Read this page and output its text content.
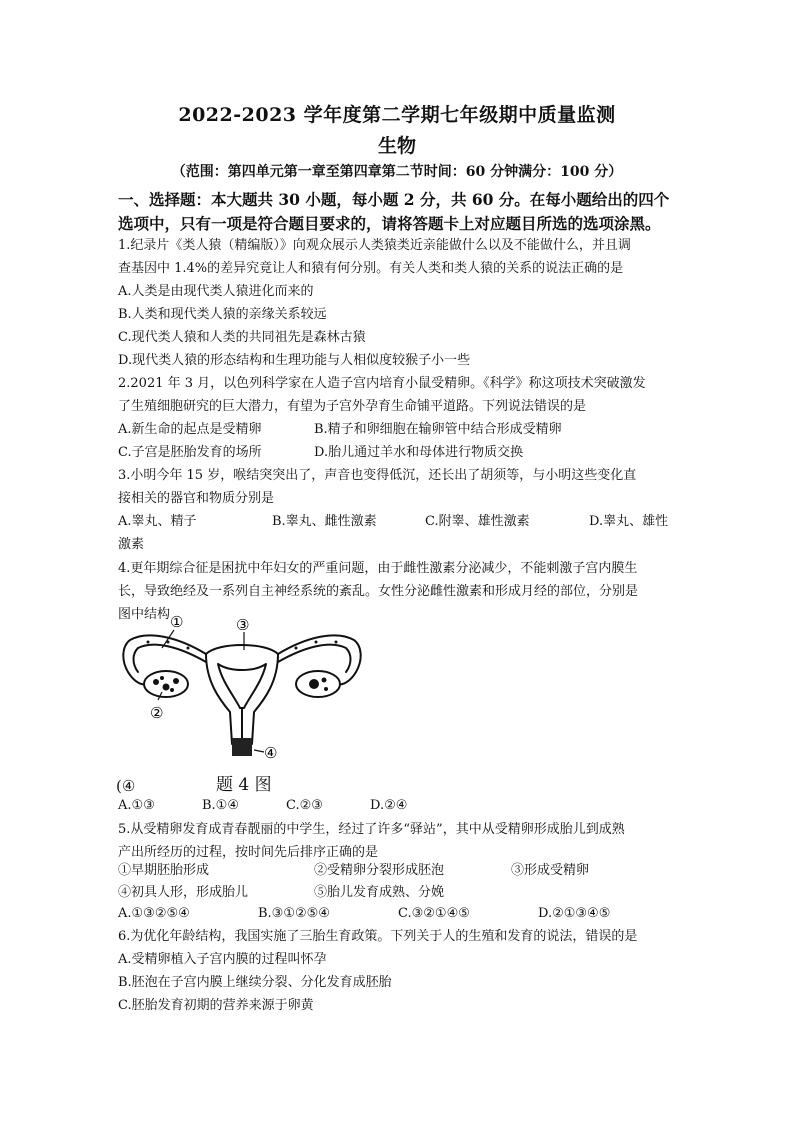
2022-2023 学年度第二学期七年级期中质量监测
生物
（范围：第四单元第一章至第四章第二节时间：60 分钟满分：100 分）
一、选择题：本大题共 30 小题，每小题 2 分，共 60 分。在每小题给出的四个
选项中，只有一项是符合题目要求的，请将答题卡上对应题目所选的选项涂黑。
1.纪录片《类人猿（精编版）》向观众展示人类猿类近亲能做什么以及不能做什么，并且调
查基因中 1.4%的差异究竟让人和猿有何分别。有关人类和类人猿的关系的说法正确的是
A.人类是由现代类人猿进化而来的
B.人类和现代类人猿的亲缘关系较远
C.现代类人猿和人类的共同祖先是森林古猿
D.现代类人猿的形态结构和生理功能与人相似度较猴子小一些
2.2021 年 3 月，以色列科学家在人造子宫内培育小鼠受精卵。《科学》称这项技术突破激发
了生殖细胞研究的巨大潜力，有望为子宫外孕育生命铺平道路。下列说法错误的是
A.新生命的起点是受精卵	B.精子和卵细胞在输卵管中结合形成受精卵
C.子宫是胚胎发育的场所	D.胎儿通过羊水和母体进行物质交换
3.小明今年 15 岁，喉结突突出了，声音也变得低沉，还长出了胡须等，与小明这些变化直
接相关的器官和物质分别是
A.睾丸、精子	B.睾丸、雌性激素	C.附睾、雄性激素	D.睾丸、雄性
激素
4.更年期综合征是困扰中年妇女的严重问题，由于雌性激素分泌减少，不能刺激子宫内膜生
长，导致绝经及一系列自主神经系统的紊乱。女性分泌雌性激素和形成月经的部位，分别是
图中结构 ①	③
②
④
(④	题 4 图
A.①③	B.①④	C.②③	D.②④
5.从受精卵发育成青春靓丽的中学生，经过了许多“驿站”，其中从受精卵形成胎儿到成熟
产出所经历的过程，按时间先后排序正确的是
①早期胚胎形成	②受精卵分裂形成胚泡	③形成受精卵
④初具人形，形成胎儿	⑤胎儿发育成熟、分娩
A.①③②⑤④	B.③①②⑤④	C.③②①④⑤	D.②①③④⑤
6.为优化年龄结构，我国实施了三胎生育政策。下列关于人的生殖和发育的说法，错误的是
A.受精卵植入子宫内膜的过程叫怀孕
B.胚泡在子宫内膜上继续分裂、分化发育成胚胎
C.胚胎发育初期的营养来源于卵黄
